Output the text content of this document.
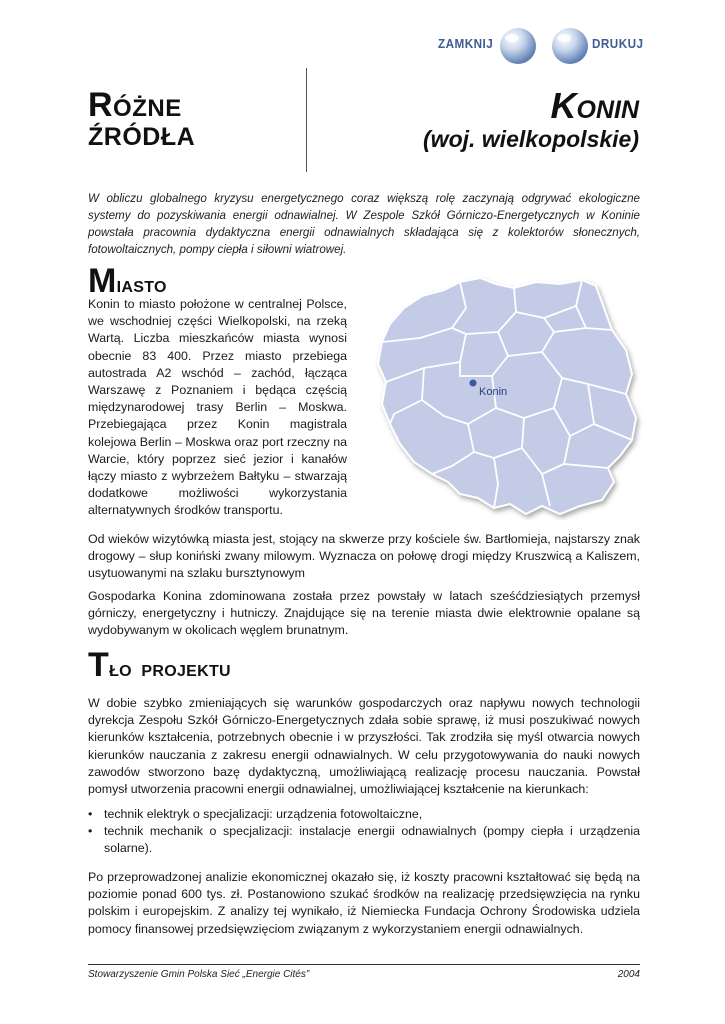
ZAMKNIJ	DRUKUJ
Różne
ŹRÓDŁA
Konin
(woj. wielkopolskie)
W obliczu globalnego kryzysu energetycznego coraz większą rolę zaczynają odgrywać ekologiczne systemy do pozyskiwania energii odnawialnej. W Zespole Szkół Górniczo-Energetycznych w Koninie powstała pracownia dydaktyczna energii odnawialnych składająca się z kolektorów słonecznych, fotowoltaicznych, pompy ciepła i siłowni wiatrowej.
MIASTO
Konin to miasto położone w centralnej Polsce, we wschodniej części Wielkopolski, na rzeką Wartą. Liczba mieszkańców miasta wynosi obecnie 83 400. Przez miasto przebiega autostrada A2 wschód – zachód, łącząca Warszawę z Poznaniem i będąca częścią międzynarodowej trasy Berlin – Moskwa. Przebiegająca przez Konin magistrala kolejowa Berlin – Moskwa oraz port rzeczny na Warcie, który poprzez sieć jezior i kanałów łączy miasto z wybrzeżem Bałtyku – stwarzają dodatkowe możliwości wykorzystania alternatywnych środków transportu.
Konin
Od wieków wizytówką miasta jest, stojący na skwerze przy kościele św. Bartłomieja, najstarszy znak drogowy – słup koniński zwany milowym. Wyznacza on połowę drogi między Kruszwicą a Kaliszem, usytuowanymi na szlaku bursztynowym
Gospodarka Konina zdominowana została przez powstały w latach sześćdziesiątych przemysł górniczy, energetyczny i hutniczy. Znajdujące się na terenie miasta dwie elektrownie opalane są wydobywanym w okolicach węglem brunatnym.
TŁO  PROJEKTU
W dobie szybko zmieniających się warunków gospodarczych oraz napływu nowych technologii dyrekcja Zespołu Szkół Górniczo-Energetycznych zdała sobie sprawę, iż musi poszukiwać nowych kierunków kształcenia, potrzebnych obecnie i w przyszłości. Tak zrodziła się myśl otwarcia nowych kierunków nauczania z zakresu energii odnawialnych. W celu przygotowywania do nauki nowych zawodów stworzono bazę dydaktyczną, umożliwiającą realizację procesu nauczania. Powstał pomysł utworzenia pracowni energii odnawialnej, umożliwiającej kształcenie na kierunkach:
• technik elektryk o specjalizacji: urządzenia fotowoltaiczne,
• technik mechanik o specjalizacji: instalacje energii odnawialnych (pompy ciepła i urządzenia solarne).
Po przeprowadzonej analizie ekonomicznej okazało się, iż koszty pracowni kształtować się będą na poziomie ponad 600 tys. zł. Postanowiono szukać środków na realizację przedsięwzięcia na rynku polskim i europejskim. Z analizy tej wynikało, iż Niemiecka Fundacja Ochrony Środowiska udziela pomocy finansowej przedsięwzięciom związanym z wykorzystaniem energii odnawialnych.
Stowarzyszenie Gmin Polska Sieć „Energie Cités”	2004
